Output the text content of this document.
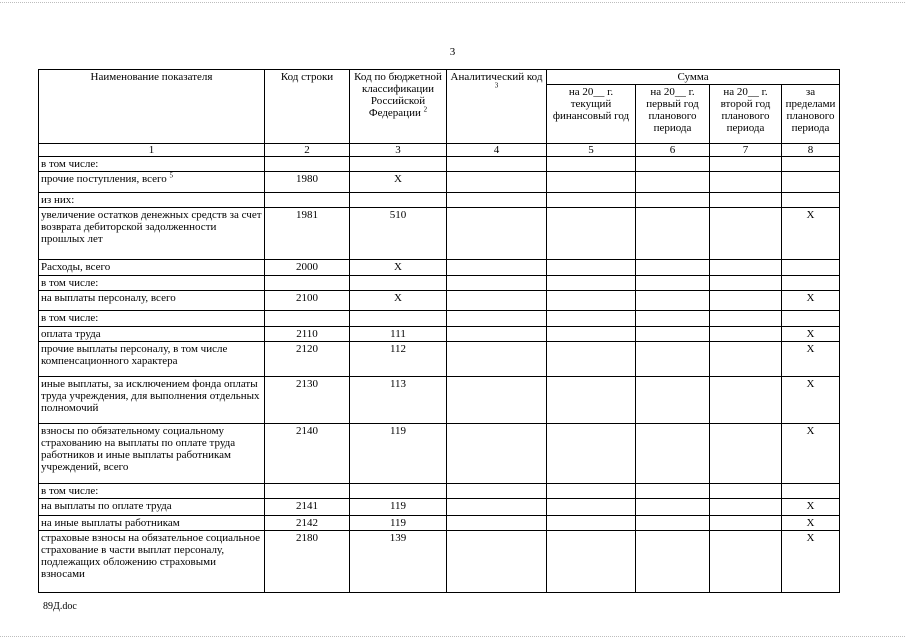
3
Наименование показателя	Код строки	Код по бюджетной классификации Российской Федерации $^2$	Аналитический код $^3$	Сумма			
				на 20__ г. текущий финансовый год	на 20__ г. первый год планового периода	на 20__ г. второй год планового периода	за пределами планового периода
1	2	3	4	5	6	7	8
в том числе:							
прочие поступления, всего $^5$	1980	X					
из них:							
увеличение остатков денежных средств за счет возврата дебиторской задолженности прошлых лет	1981	510					X
Расходы, всего	2000	X					
в том числе:							
на выплаты персоналу, всего	2100	X					X
в том числе:							
оплата труда	2110	111					X
прочие выплаты персоналу, в том числе компенсационного характера	2120	112					X
иные выплаты, за исключением фонда оплаты труда учреждения, для выполнения отдельных полномочий	2130	113					X
взносы по обязательному социальному страхованию на выплаты по оплате труда работников и иные выплаты работникам учреждений, всего	2140	119					X
в том числе:							
на выплаты по оплате труда	2141	119					X
на иные выплаты работникам	2142	119					X
страховые взносы на обязательное социальное страхование в части выплат персоналу, подлежащих обложению страховыми взносами	2180	139					X
89Д.doc
